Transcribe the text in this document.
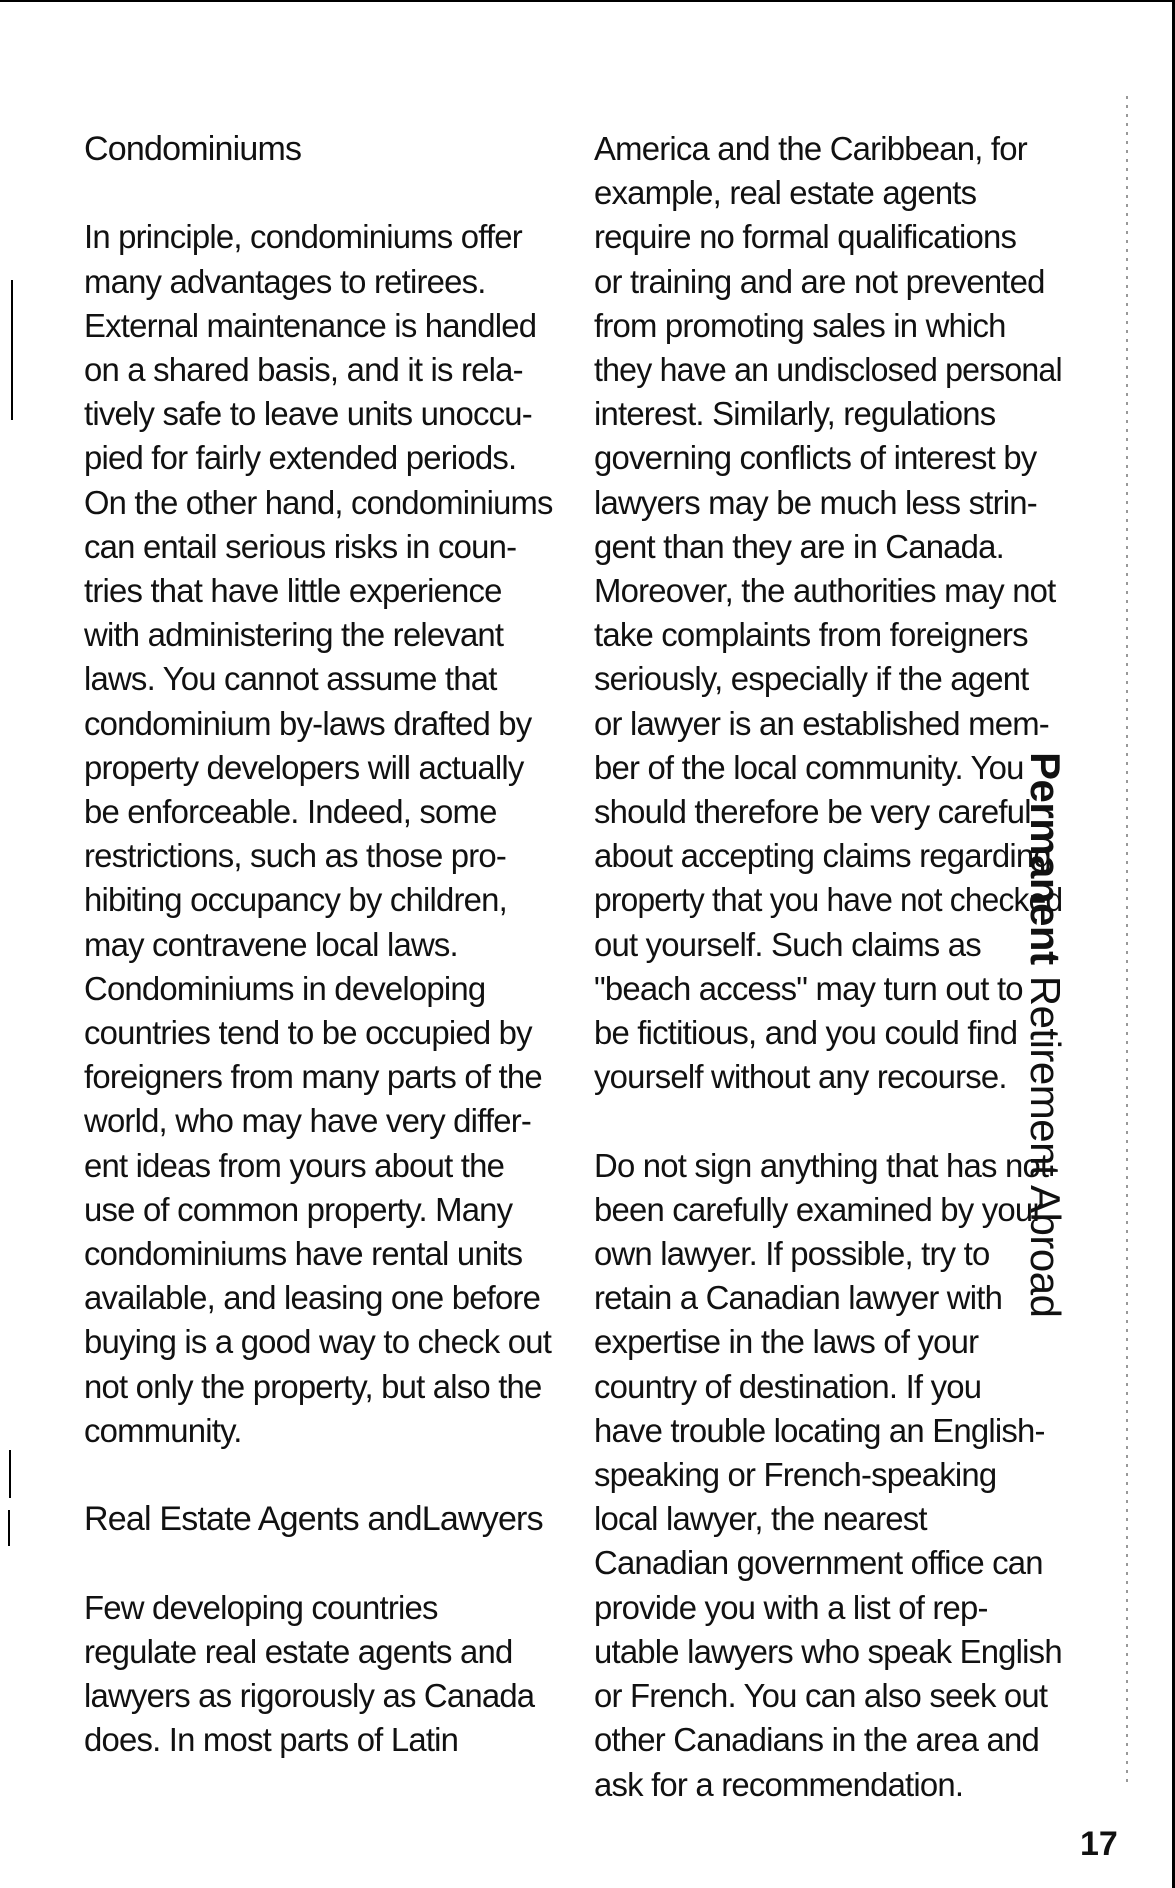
Condominiums

In principle, condominiums offer
many advantages to retirees.
External maintenance is handled
on a shared basis, and it is rela-
tively safe to leave units unoccu-
pied for fairly extended periods.
On the other hand, condominiums
can entail serious risks in coun-
tries that have little experience
with administering the relevant
laws. You cannot assume that
condominium by-laws drafted by
property developers will actually
be enforceable. Indeed, some
restrictions, such as those pro-
hibiting occupancy by children,
may contravene local laws.
Condominiums in developing
countries tend to be occupied by
foreigners from many parts of the
world, who may have very differ-
ent ideas from yours about the
use of common property. Many
condominiums have rental units
available, and leasing one before
buying is a good way to check out
not only the property, but also the
community.

Real Estate Agents andLawyers

Few developing countries
regulate real estate agents and
lawyers as rigorously as Canada
does. In most parts of Latin

America and the Caribbean, for
example, real estate agents
require no formal qualifications
or training and are not prevented
from promoting sales in which
they have an undisclosed personal
interest. Similarly, regulations
governing conflicts of interest by
lawyers may be much less strin-
gent than they are in Canada.
Moreover, the authorities may not
take complaints from foreigners
seriously, especially if the agent
or lawyer is an established mem-
ber of the local community. You
should therefore be very careful
about accepting claims regarding
property that you have not checked
out yourself. Such claims as
"beach access" may turn out to
be fictitious, and you could find
yourself without any recourse.

Do not sign anything that has not
been carefully examined by your
own lawyer. If possible, try to
retain a Canadian lawyer with
expertise in the laws of your
country of destination. If you
have trouble locating an English-
speaking or French-speaking
local lawyer, the nearest
Canadian government office can
provide you with a list of rep-
utable lawyers who speak English
or French. You can also seek out
other Canadians in the area and
ask for a recommendation.

Permanent Retirement Abroad
17
